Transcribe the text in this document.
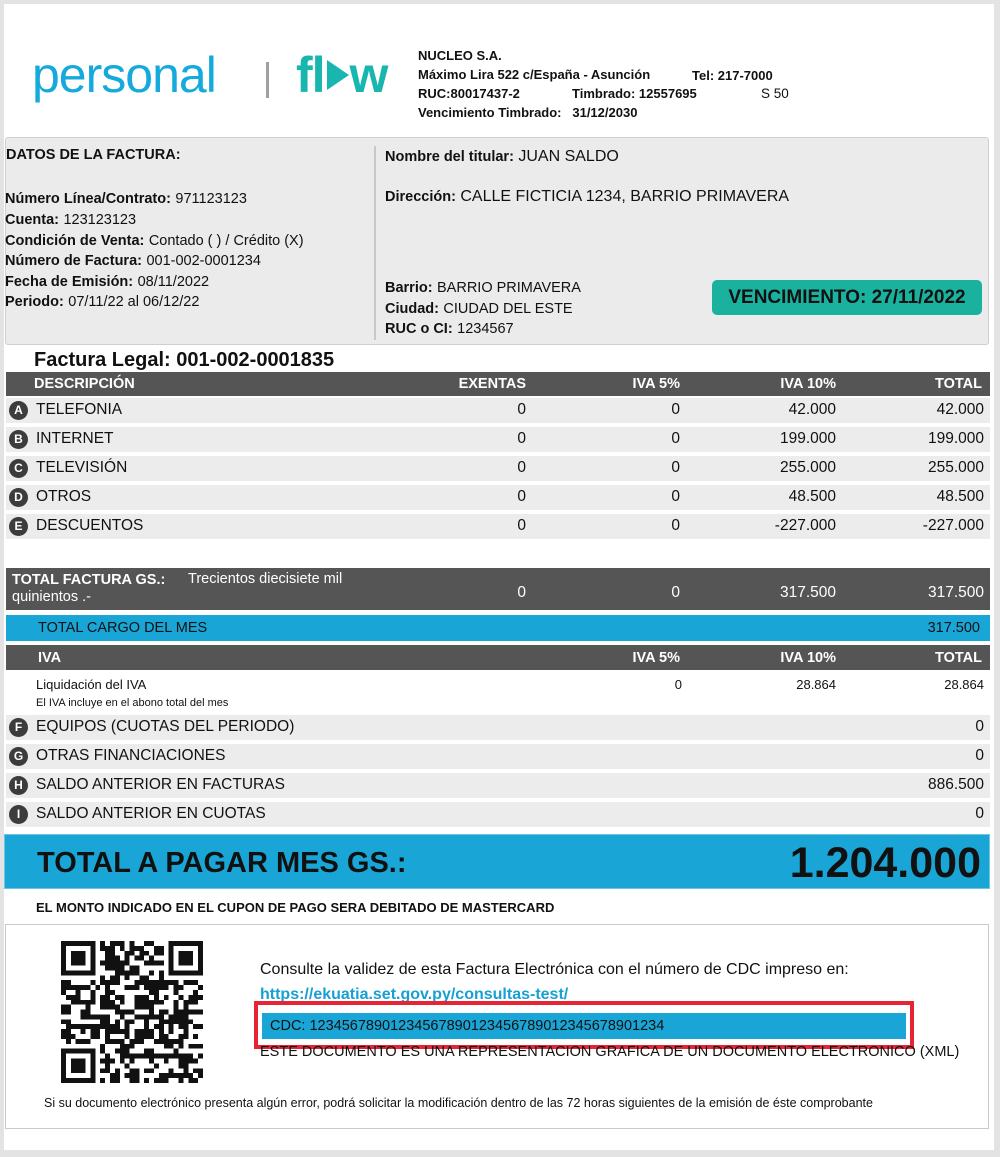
personal fl w NUCLEO S.A.
Máximo Lira 522 c/España - Asunción	Tel: 217-7000
RUC:80017437-2	Timbrado: 12557695	S 50
Vencimiento Timbrado: 31/12/2030
DATOS DE LA FACTURA:
Número Línea/Contrato: 971123123
Cuenta: 123123123
Condición de Venta: Contado ( ) / Crédito (X)
Número de Factura: 001-002-0001234
Fecha de Emisión: 08/11/2022
Periodo: 07/11/22 al 06/12/22
Nombre del titular: JUAN SALDO
Dirección: CALLE FICTICIA 1234, BARRIO PRIMAVERA
Barrio: BARRIO PRIMAVERA
Ciudad: CIUDAD DEL ESTE
RUC o CI: 1234567
VENCIMIENTO: 27/11/2022
Factura Legal: 001-002-0001835
DESCRIPCIÓN	EXENTAS	IVA 5%	IVA 10%	TOTAL
A TELEFONIA	0	0	42.000	42.000
B INTERNET	0	0	199.000	199.000
C TELEVISIÓN	0	0	255.000	255.000
D OTROS	0	0	48.500	48.500
E DESCUENTOS	0	0	-227.000	-227.000
TOTAL FACTURA GS.: Trecientos diecisiete mil
quinientos .-	0	0	317.500	317.500
TOTAL CARGO DEL MES	317.500
IVA	IVA 5%	IVA 10%	TOTAL
Liquidación del IVA	0	28.864	28.864
El IVA incluye en el abono total del mes
F EQUIPOS (CUOTAS DEL PERIODO)	0
G OTRAS FINANCIACIONES	0
H SALDO ANTERIOR EN FACTURAS	886.500
I	SALDO ANTERIOR EN CUOTAS	0
TOTAL A PAGAR MES GS.:	1.204.000
EL MONTO INDICADO EN EL CUPON DE PAGO SERA DEBITADO DE MASTERCARD
Consulte la validez de esta Factura Electrónica con el número de CDC impreso en:
https://ekuatia.set.gov.py/consultas-test/
CDC: 12345678901234567890123456789012345678901234
ESTE DOCUMENTO ES UNA REPRESENTACION GRAFICA DE UN DOCUMENTO ELECTRONICO (XML)
Si su documento electrónico presenta algún error, podrá solicitar la modificación dentro de las 72 horas siguientes de la emisión de éste comprobante
